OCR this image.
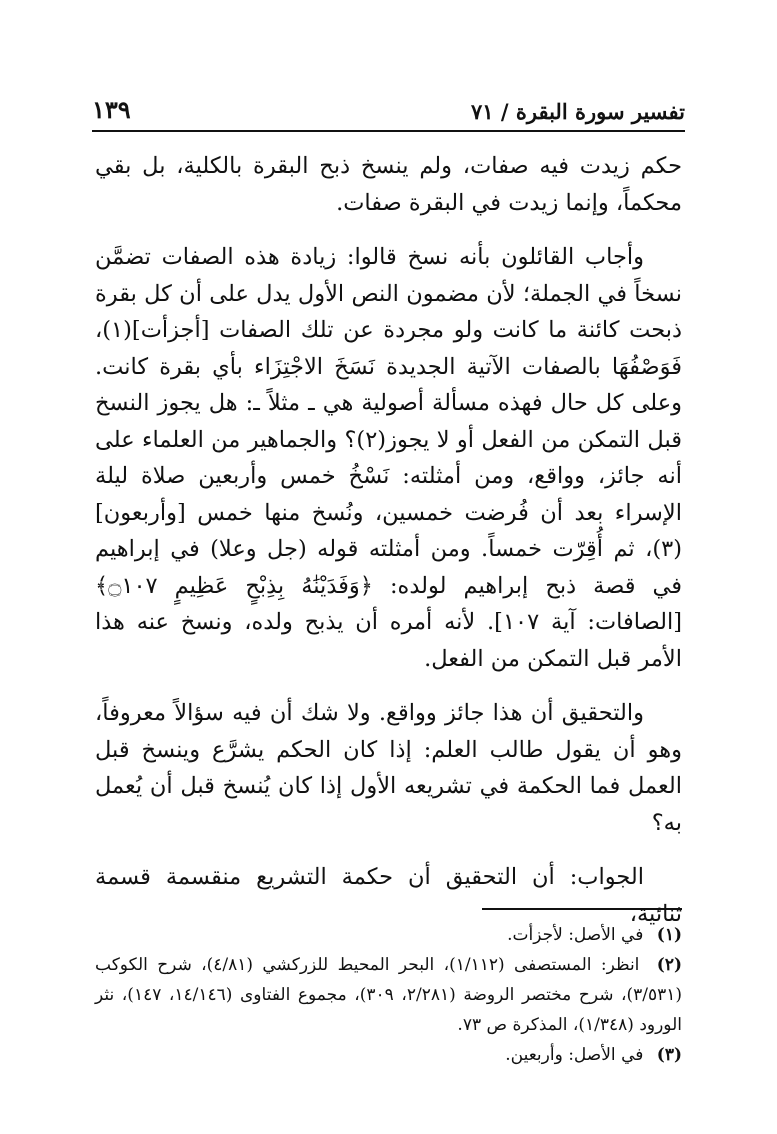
تفسير سورة البقرة / ٧١
١٣٩

حكم زيدت فيه صفات، ولم ينسخ ذبح البقرة بالكلية، بل بقي محكماً، وإنما زيدت في البقرة صفات.

وأجاب القائلون بأنه نسخ قالوا: زيادة هذه الصفات تضمَّن نسخاً في الجملة؛ لأن مضمون النص الأول يدل على أن كل بقرة ذبحت كائنة ما كانت ولو مجردة عن تلك الصفات [أجزأت](١)، فَوَصْفُهَا بالصفات الآتية الجديدة نَسَخَ الاجْتِزَاء بأي بقرة كانت. وعلى كل حال فهذه مسألة أصولية هي ـ مثلاً ـ: هل يجوز النسخ قبل التمكن من الفعل أو لا يجوز(٢)؟ والجماهير من العلماء على أنه جائز، وواقع، ومن أمثلته: نَسْخُ خمس وأربعين صلاة ليلة الإسراء بعد أن فُرضت خمسين، ونُسخ منها خمس [وأربعون](٣)، ثم أُقِرّت خمساً. ومن أمثلته قوله (جل وعلا) في إبراهيم في قصة ذبح إبراهيم لولده: ﴿وَفَدَيْنَٰهُ بِذِبْحٍ عَظِيمٍ ۝١٠٧﴾ [الصافات: آية ١٠٧]. لأنه أمره أن يذبح ولده، ونسخ عنه هذا الأمر قبل التمكن من الفعل.

والتحقيق أن هذا جائز وواقع. ولا شك أن فيه سؤالاً معروفاً، وهو أن يقول طالب العلم: إذا كان الحكم يشرَّع وينسخ قبل العمل فما الحكمة في تشريعه الأول إذا كان يُنسخ قبل أن يُعمل به؟

الجواب: أن التحقيق أن حكمة التشريع منقسمة قسمة ثنائية،

(١) في الأصل: لأجزأت.

(٢) انظر: المستصفى (١/١١٢)، البحر المحيط للزركشي (٤/٨١)، شرح الكوكب (٣/٥٣١)، شرح مختصر الروضة (٢/٢٨١، ٣٠٩)، مجموع الفتاوى (١٤/١٤٦، ١٤٧)، نثر الورود (١/٣٤٨)، المذكرة ص ٧٣.

(٣) في الأصل: وأربعين.
